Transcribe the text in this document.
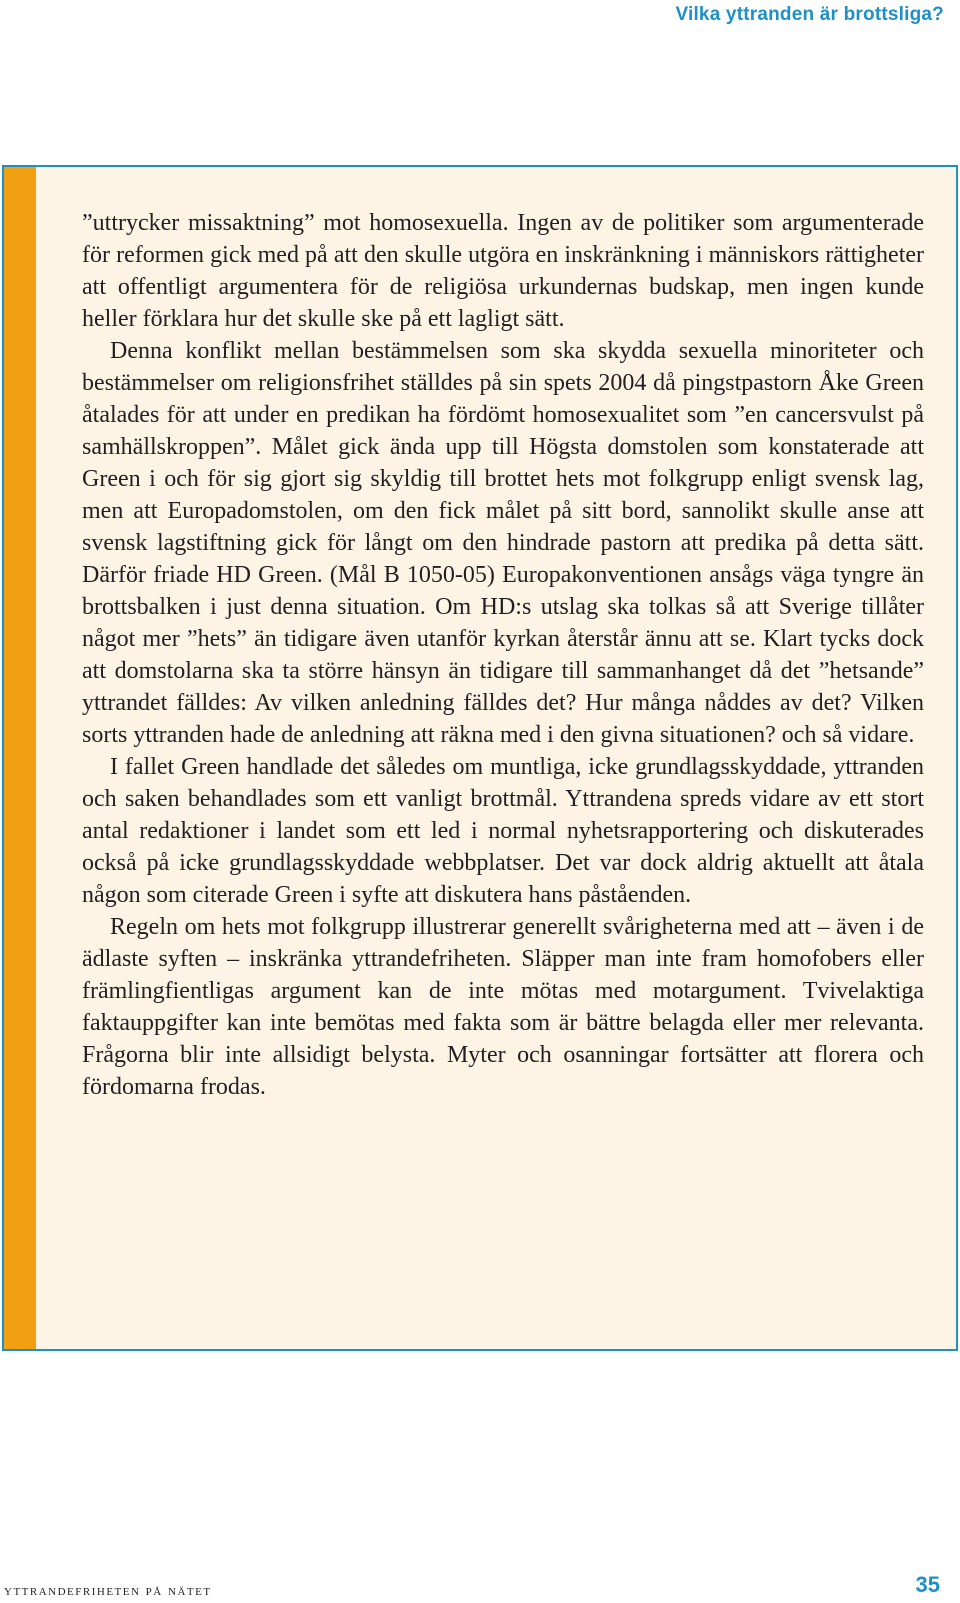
Vilka yttranden är brottsliga?

”uttrycker missaktning” mot homosexuella. Ingen av de politiker som argumenterade för reformen gick med på att den skulle utgöra en inskränkning i människors rättigheter att offentligt argumentera för de religiösa urkundernas budskap, men ingen kunde heller förklara hur det skulle ske på ett lagligt sätt.

Denna konflikt mellan bestämmelsen som ska skydda sexuella minoriteter och bestämmelser om religionsfrihet ställdes på sin spets 2004 då pingstpastorn Åke Green åtalades för att under en predikan ha fördömt homosexualitet som ”en cancersvulst på samhällskroppen”. Målet gick ända upp till Högsta domstolen som konstaterade att Green i och för sig gjort sig skyldig till brottet hets mot folkgrupp enligt svensk lag, men att Europadomstolen, om den fick målet på sitt bord, sannolikt skulle anse att svensk lagstiftning gick för långt om den hindrade pastorn att predika på detta sätt. Därför friade HD Green. (Mål B 1050-05) Europakonventionen ansågs väga tyngre än brottsbalken i just denna situation. Om HD:s utslag ska tolkas så att Sverige tillåter något mer ”hets” än tidigare även utanför kyrkan återstår ännu att se. Klart tycks dock att domstolarna ska ta större hänsyn än tidigare till sammanhanget då det ”hetsande” yttrandet fälldes: Av vilken anledning fälldes det? Hur många nåddes av det? Vilken sorts yttranden hade de anledning att räkna med i den givna situationen? och så vidare.

I fallet Green handlade det således om muntliga, icke grundlagsskyddade, yttranden och saken behandlades som ett vanligt brottmål. Yttrandena spreds vidare av ett stort antal redaktioner i landet som ett led i normal nyhetsrapportering och diskuterades också på icke grundlagsskyddade webbplatser. Det var dock aldrig aktuellt att åtala någon som citerade Green i syfte att diskutera hans påståenden.

Regeln om hets mot folkgrupp illustrerar generellt svårigheterna med att – även i de ädlaste syften – inskränka yttrandefriheten. Släpper man inte fram homofobers eller främlingfientligas argument kan de inte mötas med motargument. Tvivelaktiga faktauppgifter kan inte bemötas med fakta som är bättre belagda eller mer relevanta. Frågorna blir inte allsidigt belysta. Myter och osanningar fortsätter att florera och fördomarna frodas.

yttrandefriheten på nätet	35
